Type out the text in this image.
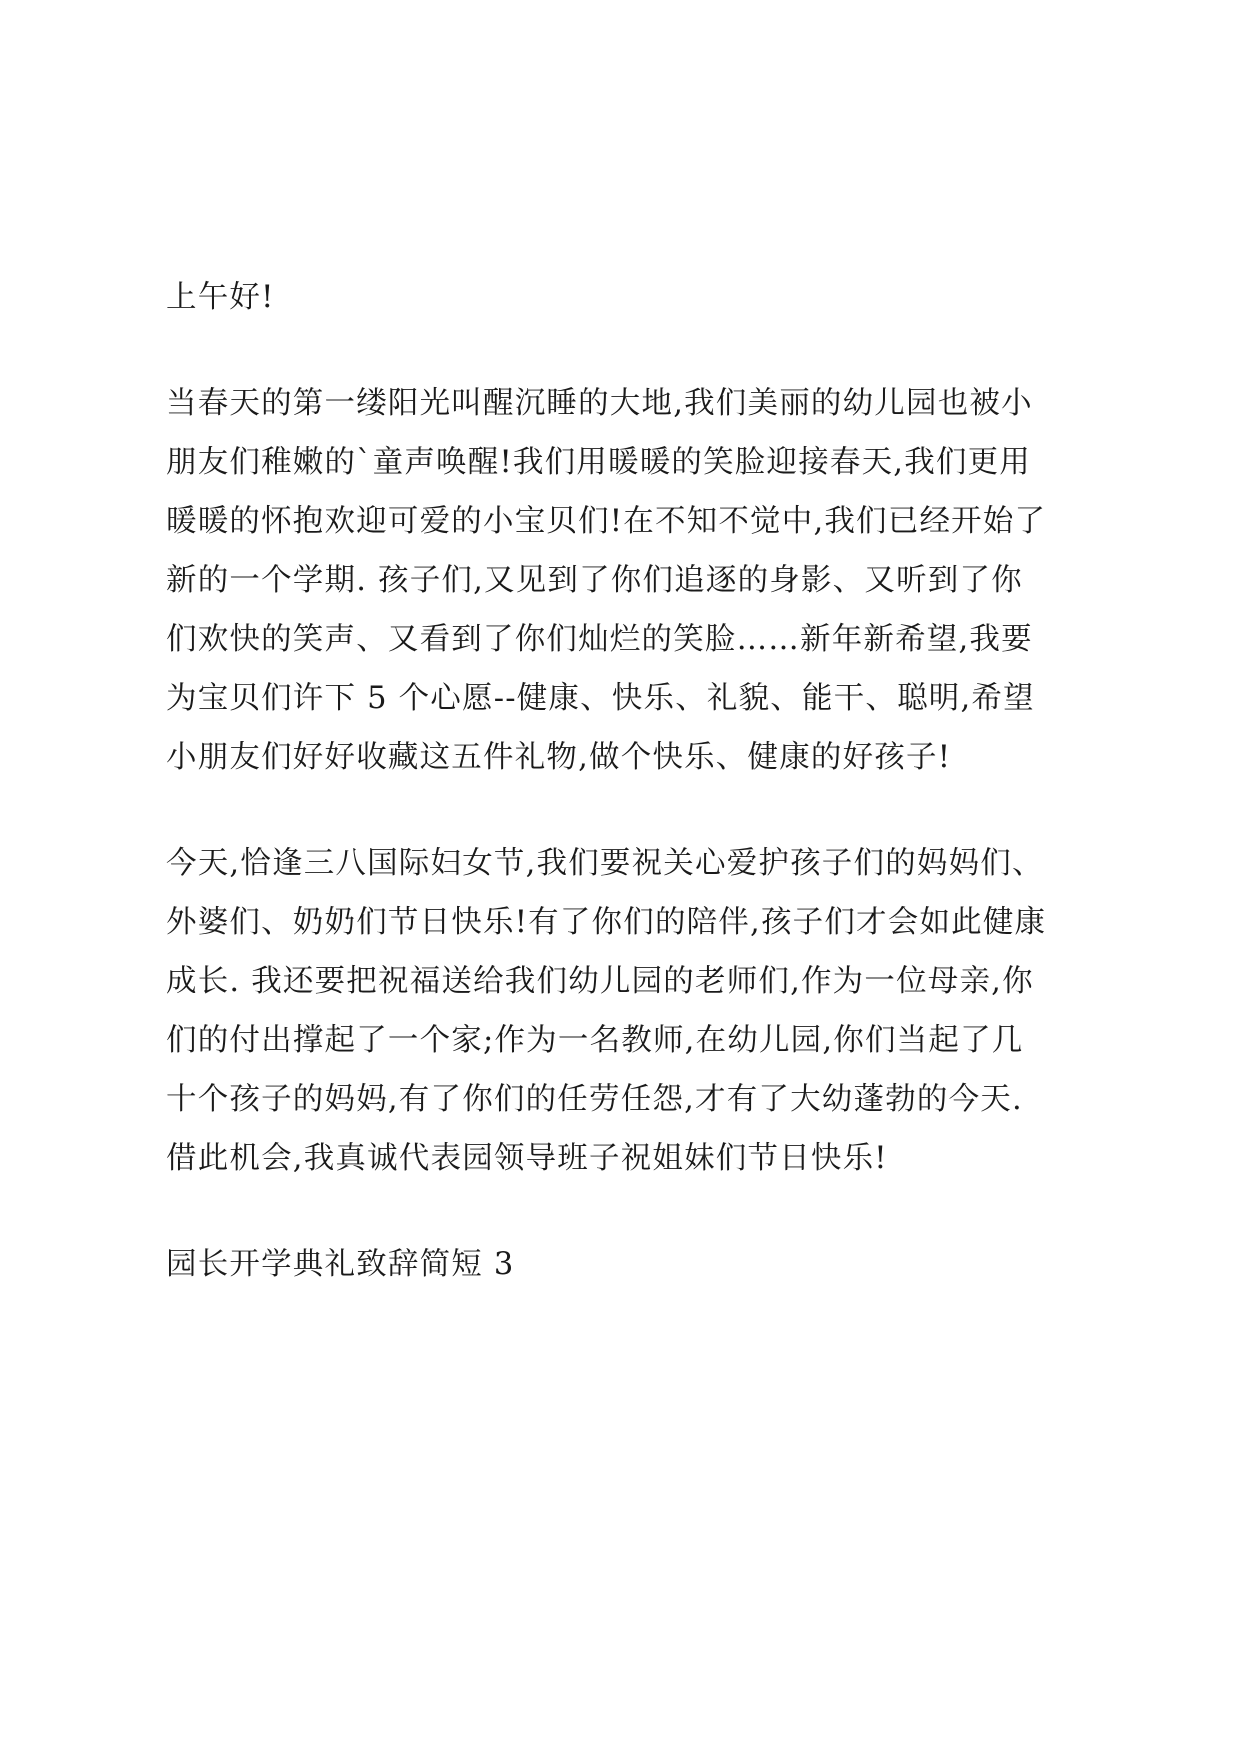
上午好!
当春天的第一缕阳光叫醒沉睡的大地,我们美丽的幼儿园也被小
朋友们稚嫩的`童声唤醒!我们用暖暖的笑脸迎接春天,我们更用
暖暖的怀抱欢迎可爱的小宝贝们!在不知不觉中,我们已经开始了
新的一个学期. 孩子们,又见到了你们追逐的身影、又听到了你
们欢快的笑声、又看到了你们灿烂的笑脸……新年新希望,我要
为宝贝们许下 5 个心愿--健康、快乐、礼貌、能干、聪明,希望
小朋友们好好收藏这五件礼物,做个快乐、健康的好孩子!
今天,恰逢三八国际妇女节,我们要祝关心爱护孩子们的妈妈们、
外婆们、奶奶们节日快乐!有了你们的陪伴,孩子们才会如此健康
成长. 我还要把祝福送给我们幼儿园的老师们,作为一位母亲,你
们的付出撑起了一个家;作为一名教师,在幼儿园,你们当起了几
十个孩子的妈妈,有了你们的任劳任怨,才有了大幼蓬勃的今天.
借此机会,我真诚代表园领导班子祝姐妹们节日快乐!
园长开学典礼致辞简短 3
